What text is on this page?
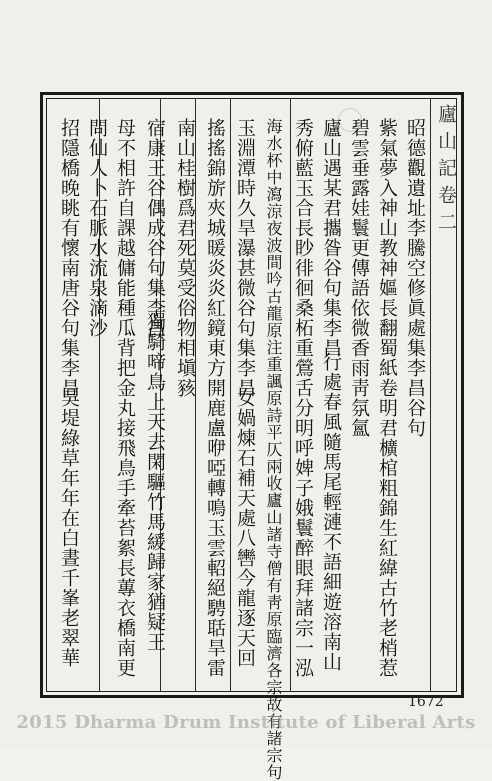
廬山記卷二
昭德觀遺址李騰空修眞處集李昌谷句
紫氣夢入神山教神嫗長翻蜀紙卷明君櫎棺粗錦生紅緯古竹老梢惹
碧雲垂露娃鬟更傳語依微香雨靑氛氳
廬山遇某君攜昝谷句集李昌
行處春風隨馬尾輕漣不語細遊溶南山
秀俯藍玉合長眇徘徊桑柘重鶯舌分明呼婢子娥鬟醉眼拜諸宗一泓
海水杯中瀉涼夜波間吟古龍原注重諷原詩平仄兩收廬山諸寺僧有靑原臨濟各宗故有諸宗句
玉淵潭時久旱瀑甚微谷句集李昌
女媧煉石補天處八轡今龍逐天回
搖搖錦旂夾城暖炎炎紅鏡東方開鹿盧咿啞轉鳴玉雲軺絕騁聒旱雷
南山桂樹爲君死莫受俗物相塡豥
宿康王谷偶成谷句集李昌
獨騎啼鳥上天去閑驅竹馬緩歸家猶疑王
母不相許自課越傭能種瓜背把金丸接飛鳥手牽苔絮長蓴衣橋南更
問仙人卜石脈水流泉滴沙
招隱橋晚眺有懷南唐谷句集李昌
吳堤綠草年年在白晝千峯老翠華
1672
2015 Dharma Drum Institute of Liberal Arts
